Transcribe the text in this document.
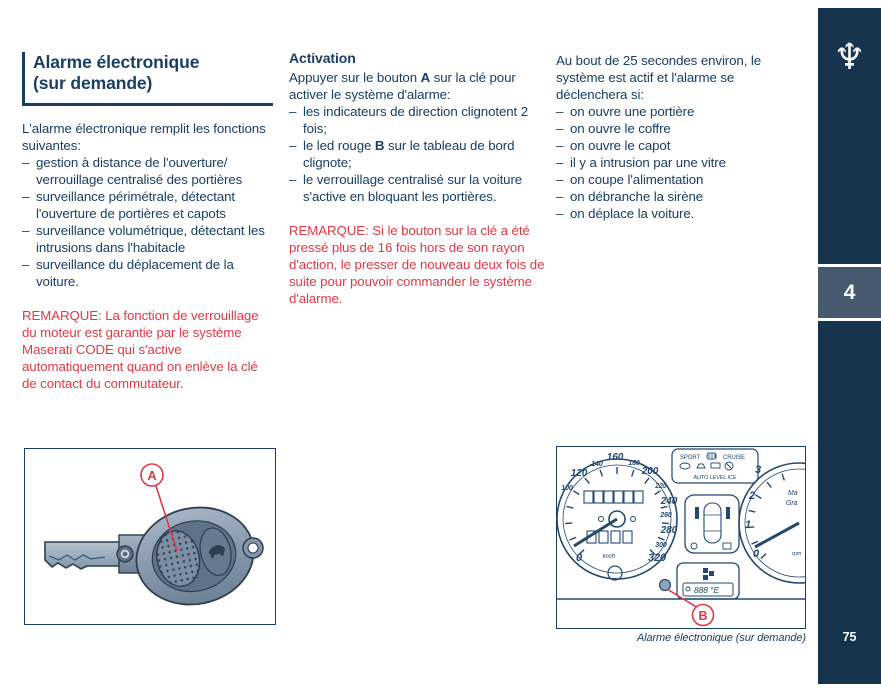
Alarme électronique
(sur demande)

L'alarme électronique remplit les fonctions suivantes:

– gestion à distance de l'ouverture/ verrouillage centralisé des portières
– surveillance périmétrale, détectant l'ouverture de portières et capots
– surveillance volumétrique, détectant les intrusions dans l'habitacle
– surveillance du déplacement de la voiture.

REMARQUE: La fonction de verrouillage du moteur est garantie par le système Maserati CODE qui s'active automatiquement quand on enlève la clé de contact du commutateur.

Activation

Appuyer sur le bouton A sur la clé pour activer le système d'alarme:

– les indicateurs de direction clignotent 2 fois;
– le led rouge B sur le tableau de bord clignote;
– le verrouillage centralisé sur la voiture s'active en bloquant les portières.

REMARQUE: Si le bouton sur la clé a été pressé plus de 16 fois hors de son rayon d'action, le presser de nouveau deux fois de suite pour pouvoir commander le système d'alarme.

Au bout de 25 secondes environ, le système est actif et l'alarme se déclenchera si:

– on ouvre une portière
– on ouvre le coffre
– on ouvre le capot
– il y a intrusion par une vitre
– on coupe l'alimentation
– on débranche la sirène
– on déplace la voiture.
A
0
100
120
140
160
180
200
220
240
260
280
300
320
km/h	0
1
2
3
Ma
Gra
rpm
SPORT	CRUISE
AUTO LEVEL ICE
888 °E
B
Alarme électronique (sur demande)
♆
4
75
